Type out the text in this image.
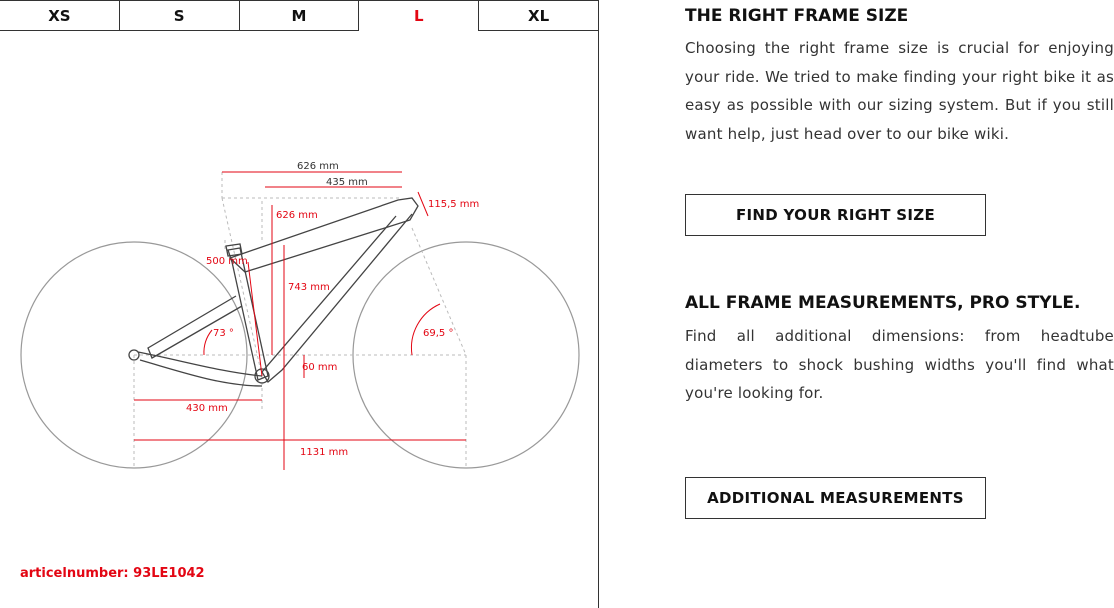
XS	S	M	L	XL
626 mm
435 mm
626 mm
115,5 mm
500 mm
743 mm
73 °	69,5 °
60 mm
430 mm
1131 mm
articelnumber: 93LE1042
THE RIGHT FRAME SIZE
Choosing the right frame size is crucial for enjoying your ride. We tried to make finding your right bike it as easy as possible with our sizing system. But if you still want help, just head over to our bike wiki.
FIND YOUR RIGHT SIZE
ALL FRAME MEASUREMENTS, PRO STYLE.
Find all additional dimensions: from headtube diameters to shock bushing widths you'll find what you're looking for.
ADDITIONAL MEASUREMENTS
